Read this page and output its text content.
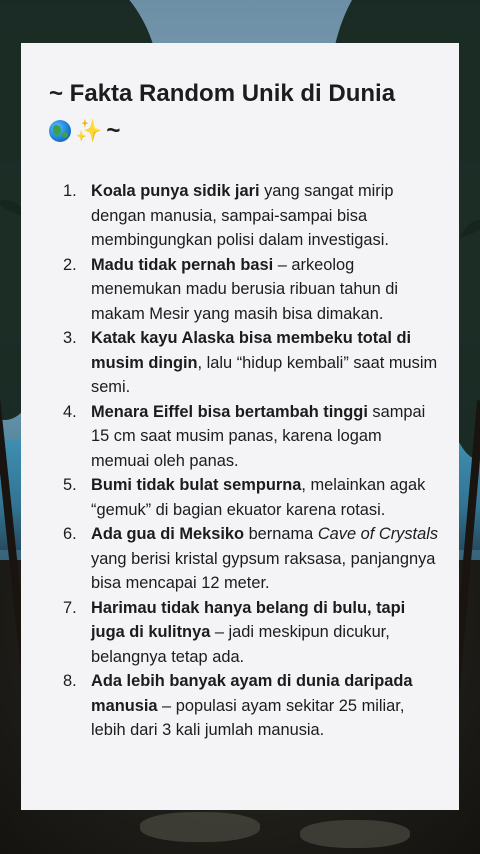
~ Fakta Random Unik di Dunia

✨ ~
1. Koala punya sidik jari yang sangat mirip dengan manusia, sampai-sampai bisa membingungkan polisi dalam investigasi.
2. Madu tidak pernah basi – arkeolog menemukan madu berusia ribuan tahun di makam Mesir yang masih bisa dimakan.
3. Katak kayu Alaska bisa membeku total di musim dingin, lalu “hidup kembali” saat musim semi.
4. Menara Eiffel bisa bertambah tinggi sampai 15 cm saat musim panas, karena logam memuai oleh panas.
5. Bumi tidak bulat sempurna, melainkan agak “gemuk” di bagian ekuator karena rotasi.
6. Ada gua di Meksiko bernama Cave of Crystals yang berisi kristal gypsum raksasa, panjangnya bisa mencapai 12 meter.
7. Harimau tidak hanya belang di bulu, tapi juga di kulitnya – jadi meskipun dicukur, belangnya tetap ada.
8. Ada lebih banyak ayam di dunia daripada manusia – populasi ayam sekitar 25 miliar, lebih dari 3 kali jumlah manusia.
